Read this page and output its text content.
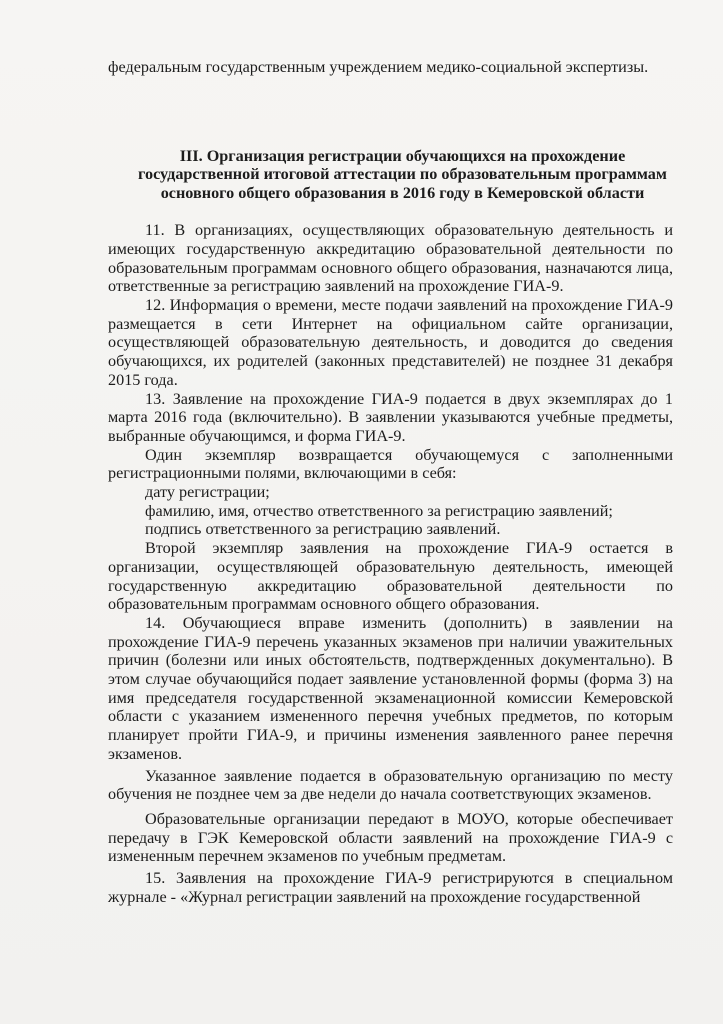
федеральным государственным учреждением медико-социальной экспертизы.

III. Организация регистрации обучающихся на прохождение
государственной итоговой аттестации по образовательным программам
основного общего образования в 2016 году в Кемеровской области

11. В организациях, осуществляющих образовательную деятельность и имеющих государственную аккредитацию образовательной деятельности по образовательным программам основного общего образования, назначаются лица, ответственные за регистрацию заявлений на прохождение ГИА-9.

12. Информация о времени, месте подачи заявлений на прохождение ГИА-9 размещается в сети Интернет на официальном сайте организации, осуществляющей образовательную деятельность, и доводится до сведения обучающихся, их родителей (законных представителей) не позднее 31 декабря 2015 года.

13. Заявление на прохождение ГИА-9 подается в двух экземплярах до 1 марта 2016 года (включительно). В заявлении указываются учебные предметы, выбранные обучающимся, и форма ГИА-9.

Один экземпляр возвращается обучающемуся с заполненными регистрационными полями, включающими в себя:

дату регистрации;

фамилию, имя, отчество ответственного за регистрацию заявлений;

подпись ответственного за регистрацию заявлений.

Второй экземпляр заявления на прохождение ГИА-9 остается в организации, осуществляющей образовательную деятельность, имеющей государственную аккредитацию образовательной деятельности по образовательным программам основного общего образования.

14. Обучающиеся вправе изменить (дополнить) в заявлении на прохождение ГИА-9 перечень указанных экзаменов при наличии уважительных причин (болезни или иных обстоятельств, подтвержденных документально). В этом случае обучающийся подает заявление установленной формы (форма 3) на имя председателя государственной экзаменационной комиссии Кемеровской области с указанием измененного перечня учебных предметов, по которым планирует пройти ГИА-9, и причины изменения заявленного ранее перечня экзаменов.

Указанное заявление подается в образовательную организацию по месту обучения не позднее чем за две недели до начала соответствующих экзаменов.

Образовательные организации передают в МОУО, которые обеспечивает передачу в ГЭК Кемеровской области заявлений на прохождение ГИА-9 с измененным перечнем экзаменов по учебным предметам.

15. Заявления на прохождение ГИА-9 регистрируются в специальном журнале - «Журнал регистрации заявлений на прохождение государственной
